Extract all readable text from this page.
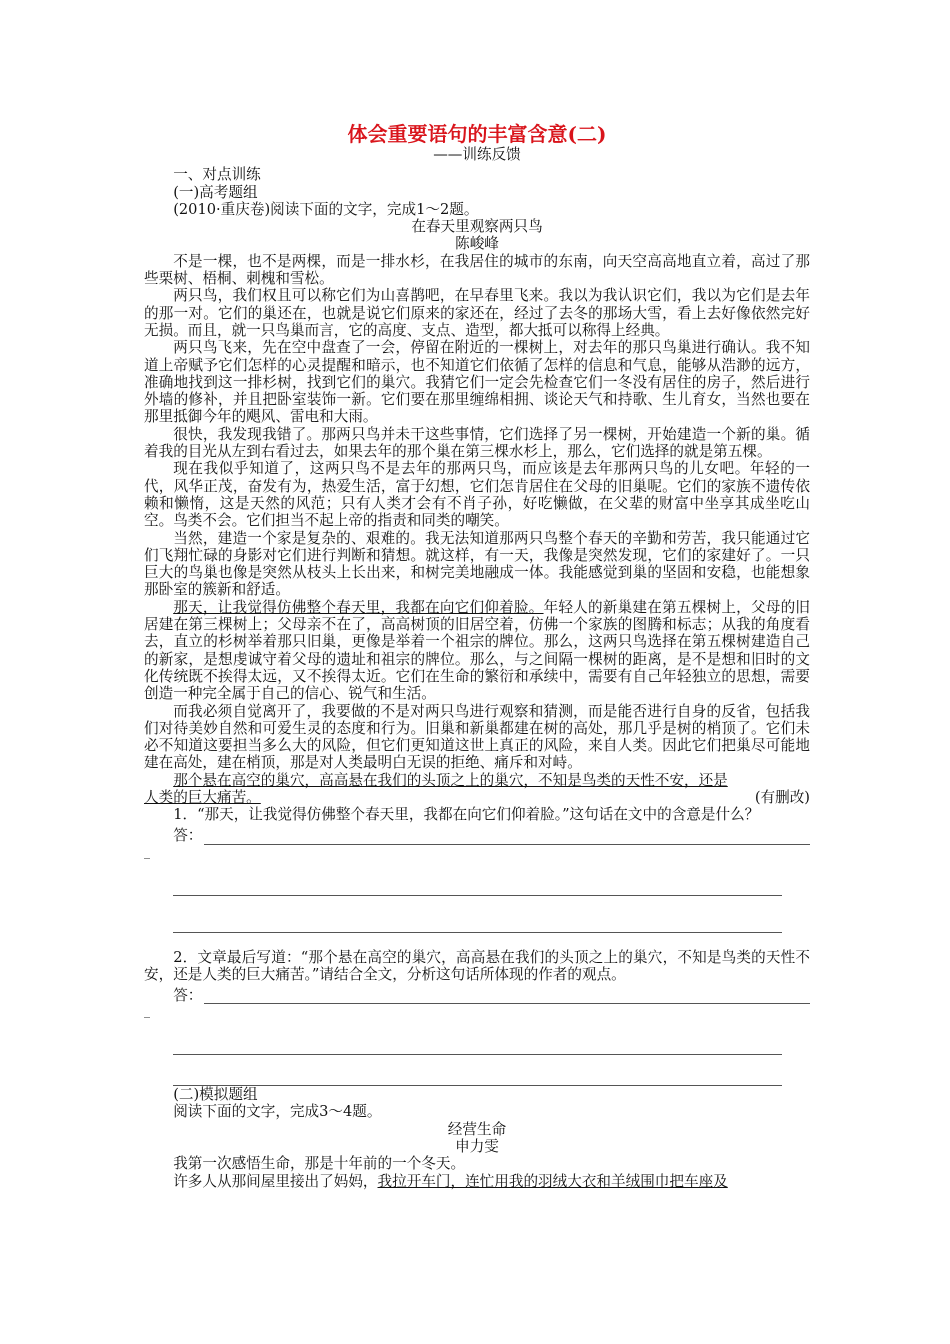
体会重要语句的丰富含意(二)
——训练反馈

一、对点训练

(一)高考题组

(2010·重庆卷)阅读下面的文字，完成1～2题。

在春天里观察两只鸟

陈峻峰

不是一棵，也不是两棵，而是一排水杉，在我居住的城市的东南，向天空高高地直立着，高过了那些栗树、梧桐、刺槐和雪松。

两只鸟，我们权且可以称它们为山喜鹊吧，在早春里飞来。我以为我认识它们，我以为它们是去年的那一对。它们的巢还在，也就是说它们原来的家还在，经过了去冬的那场大雪，看上去好像依然完好无损。而且，就一只鸟巢而言，它的高度、支点、造型，都大抵可以称得上经典。

两只鸟飞来，先在空中盘查了一会，停留在附近的一棵树上，对去年的那只鸟巢进行确认。我不知道上帝赋予它们怎样的心灵提醒和暗示，也不知道它们依循了怎样的信息和气息，能够从浩渺的远方，准确地找到这一排杉树，找到它们的巢穴。我猜它们一定会先检查它们一冬没有居住的房子，然后进行外墙的修补，并且把卧室装饰一新。它们要在那里缠绵相拥、谈论天气和持歌、生儿育女，当然也要在那里抵御今年的飓风、雷电和大雨。

很快，我发现我错了。那两只鸟并未干这些事情，它们选择了另一棵树，开始建造一个新的巢。循着我的目光从左到右看过去，如果去年的那个巢在第三棵水杉上，那么，它们选择的就是第五棵。

现在我似乎知道了，这两只鸟不是去年的那两只鸟，而应该是去年那两只鸟的儿女吧。年轻的一代，风华正茂，奋发有为，热爱生活，富于幻想，它们怎肯居住在父母的旧巢呢。它们的家族不遗传依赖和懒惰，这是天然的风范；只有人类才会有不肖子孙，好吃懒做，在父辈的财富中坐享其成坐吃山空。鸟类不会。它们担当不起上帝的指责和同类的嘲笑。

当然，建造一个家是复杂的、艰难的。我无法知道那两只鸟整个春天的辛勤和劳苦，我只能通过它们飞翔忙碌的身影对它们进行判断和猜想。就这样，有一天，我像是突然发现，它们的家建好了。一只巨大的鸟巢也像是突然从枝头上长出来，和树完美地融成一体。我能感觉到巢的坚固和安稳，也能想象那卧室的簇新和舒适。

那天，让我觉得仿佛整个春天里，我都在向它们仰着脸。年轻人的新巢建在第五棵树上，父母的旧居建在第三棵树上；父母亲不在了，高高树顶的旧居空着，仿佛一个家族的图腾和标志；从我的角度看去，直立的杉树举着那只旧巢，更像是举着一个祖宗的牌位。那么，这两只鸟选择在第五棵树建造自己的新家，是想虔诚守着父母的遗址和祖宗的牌位。那么，与之间隔一棵树的距离，是不是想和旧时的文化传统既不挨得太远，又不挨得太近。它们在生命的繁衍和承续中，需要有自己年轻独立的思想，需要创造一种完全属于自己的信心、锐气和生活。

而我必须自觉离开了，我要做的不是对两只鸟进行观察和猜测，而是能否进行自身的反省，包括我们对待美妙自然和可爱生灵的态度和行为。旧巢和新巢都建在树的高处，那几乎是树的梢顶了。它们未必不知道这要担当多么大的风险，但它们更知道这世上真正的风险，来自人类。因此它们把巢尽可能地建在高处，建在梢顶，那是对人类最明白无误的拒绝、痛斥和对峙。

那个悬在高空的巢穴，高高悬在我们的头顶之上的巢穴，不知是鸟类的天性不安，还是

人类的巨大痛苦。	(有删改)

1．“那天，让我觉得仿佛整个春天里，我都在向它们仰着脸。”这句话在文中的含意是什么？

答：
_

2．文章最后写道：“那个悬在高空的巢穴，高高悬在我们的头顶之上的巢穴，不知是鸟类的天性不安，还是人类的巨大痛苦。”请结合全文，分析这句话所体现的作者的观点。

答：
_

(二)模拟题组

阅读下面的文字，完成3～4题。

经营生命

申力雯

我第一次感悟生命，那是十年前的一个冬天。

许多人从那间屋里接出了妈妈，我拉开车门，连忙用我的羽绒大衣和羊绒围巾把车座及
